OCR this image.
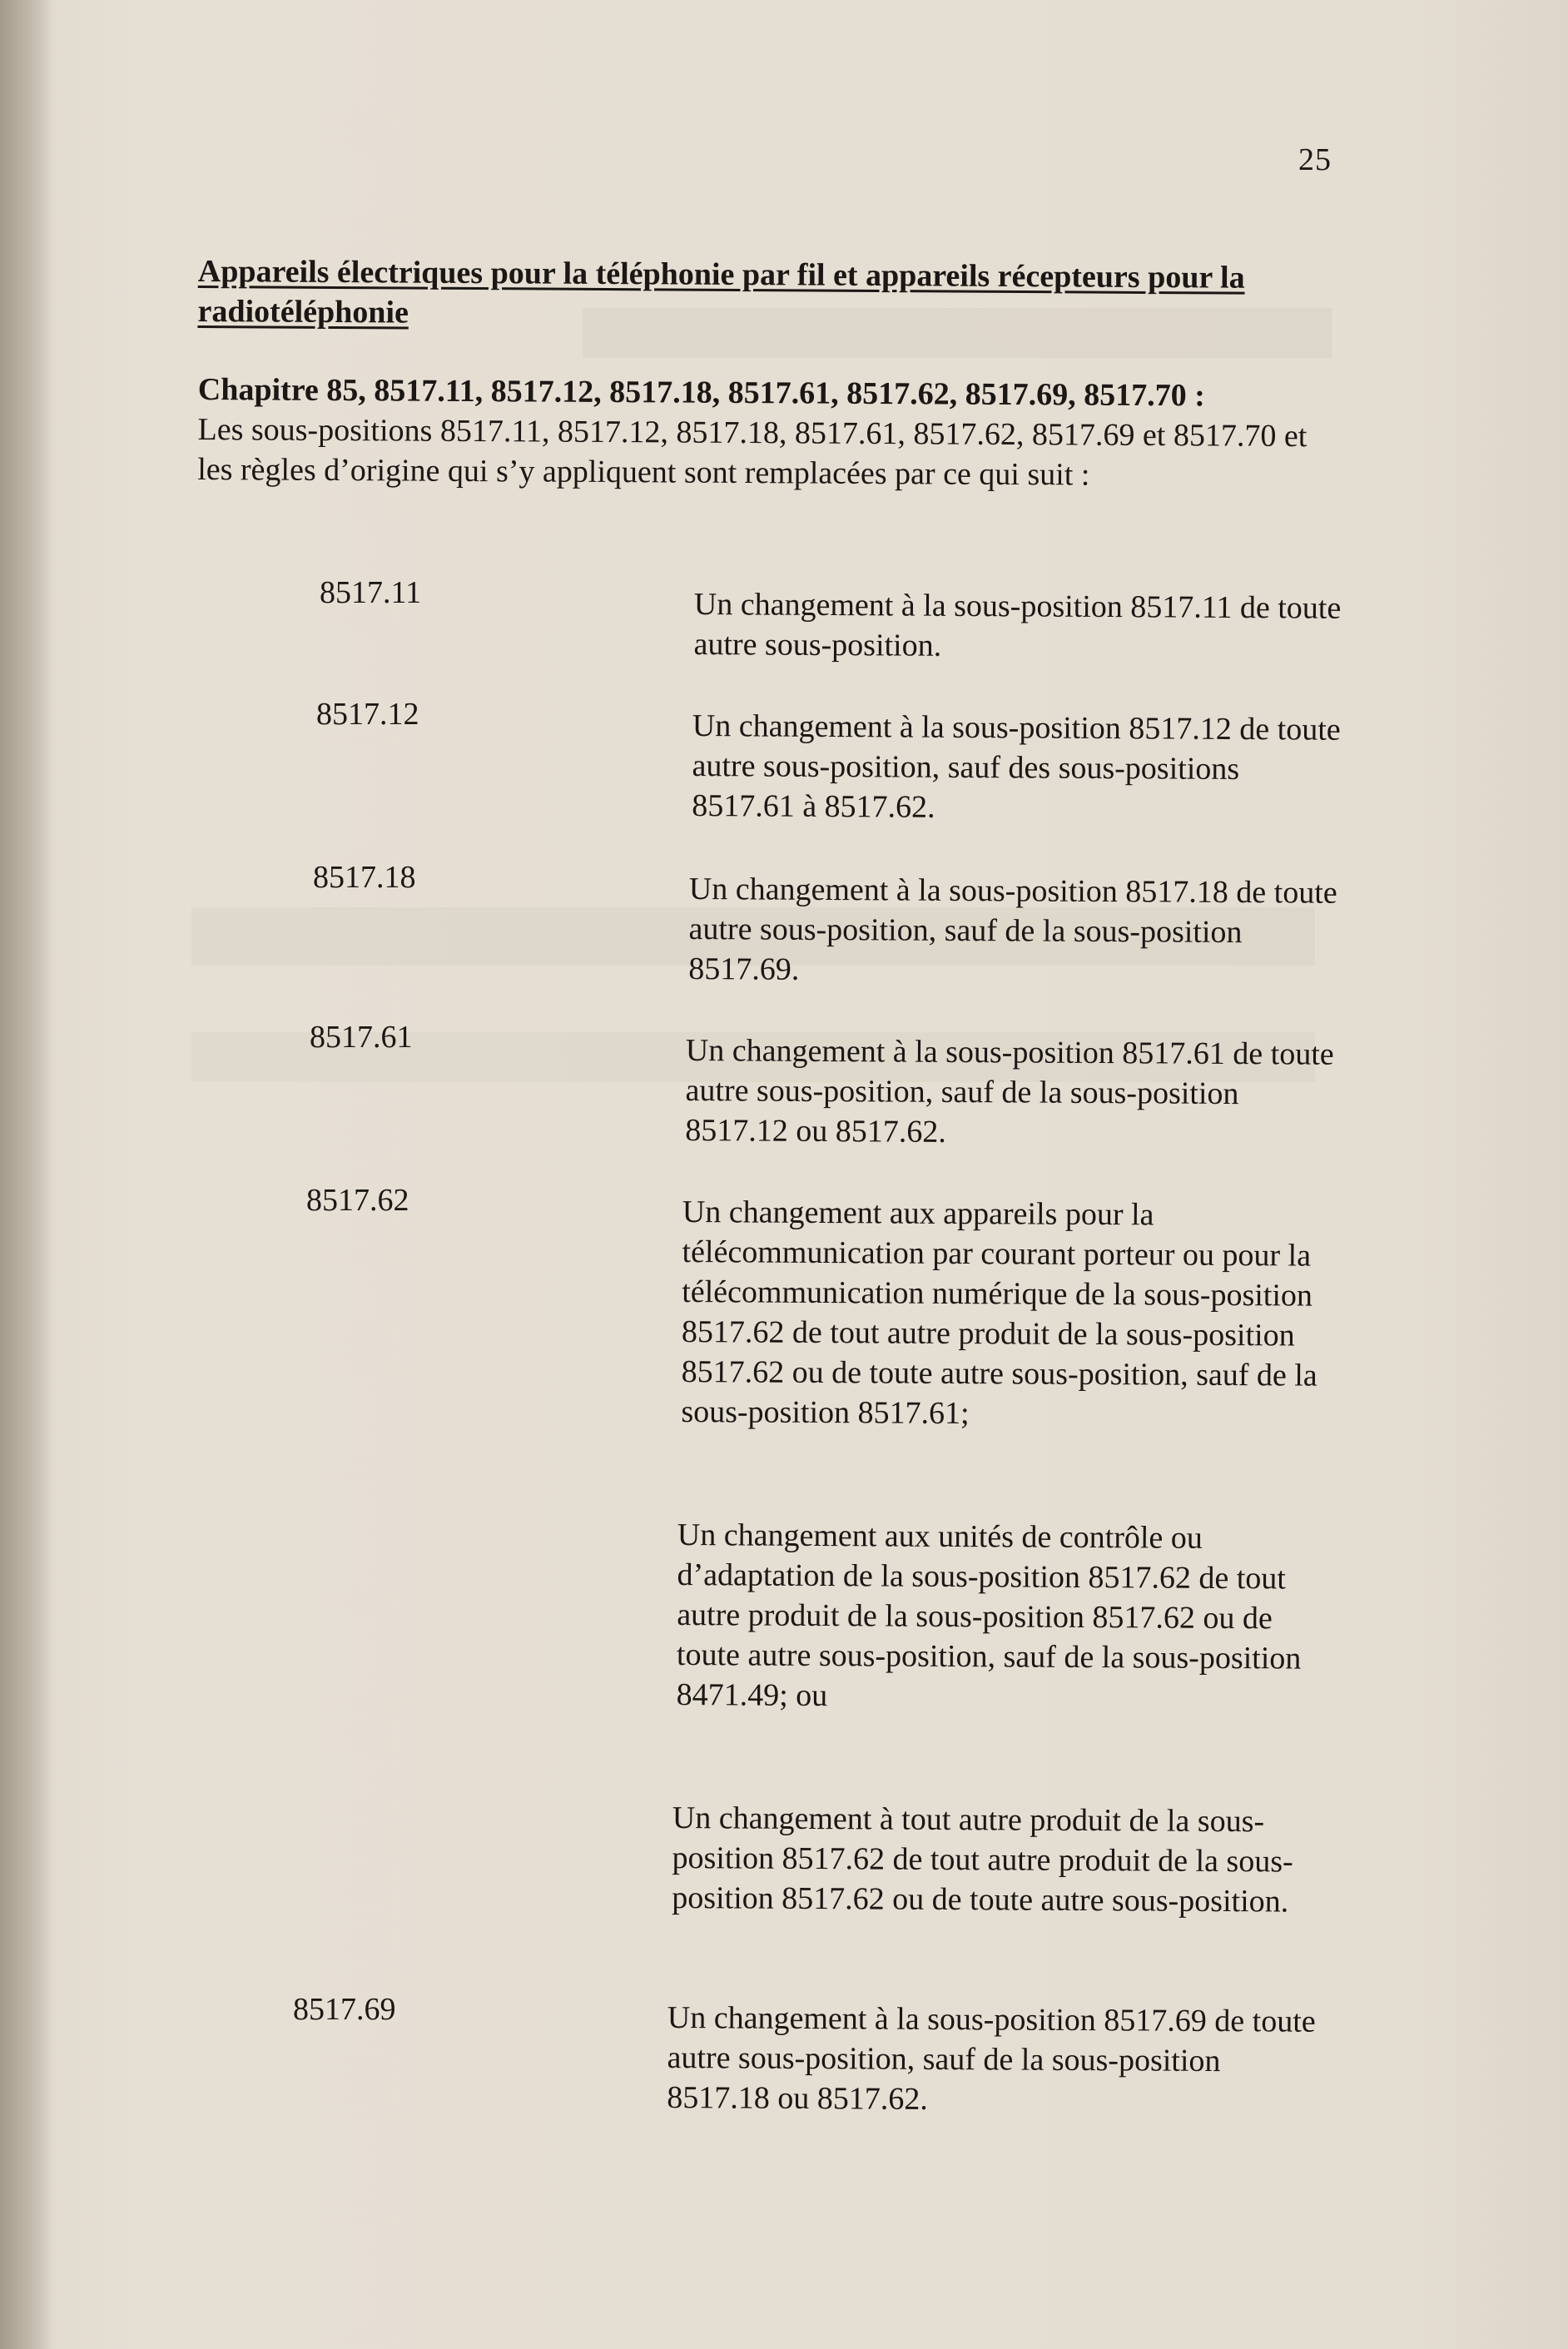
25
Appareils électriques pour la téléphonie par fil et appareils récepteurs pour la radiotéléphonie
Chapitre 85, 8517.11, 8517.12, 8517.18, 8517.61, 8517.62, 8517.69, 8517.70 :
Les sous-positions 8517.11, 8517.12, 8517.18, 8517.61, 8517.62, 8517.69 et 8517.70 et les règles d’origine qui s’y appliquent sont remplacées par ce qui suit :
8517.11	Un changement à la sous-position 8517.11 de toute autre sous-position.

8517.12	Un changement à la sous-position 8517.12 de toute autre sous-position, sauf des sous-positions 8517.61 à 8517.62.

8517.18	Un changement à la sous-position 8517.18 de toute autre sous-position, sauf de la sous-position 8517.69.

8517.61	Un changement à la sous-position 8517.61 de toute autre sous-position, sauf de la sous-position 8517.12 ou 8517.62.

8517.62	Un changement aux appareils pour la télécommunication par courant porteur ou pour la télécommunication numérique de la sous-position 8517.62 de tout autre produit de la sous-position 8517.62 ou de toute autre sous-position, sauf de la sous-position 8517.61;

Un changement aux unités de contrôle ou d’adaptation de la sous-position 8517.62 de tout autre produit de la sous-position 8517.62 ou de toute autre sous-position, sauf de la sous-position 8471.49; ou

Un changement à tout autre produit de la sous-position 8517.62 de tout autre produit de la sous-position 8517.62 ou de toute autre sous-position.

8517.69	Un changement à la sous-position 8517.69 de toute autre sous-position, sauf de la sous-position 8517.18 ou 8517.62.
